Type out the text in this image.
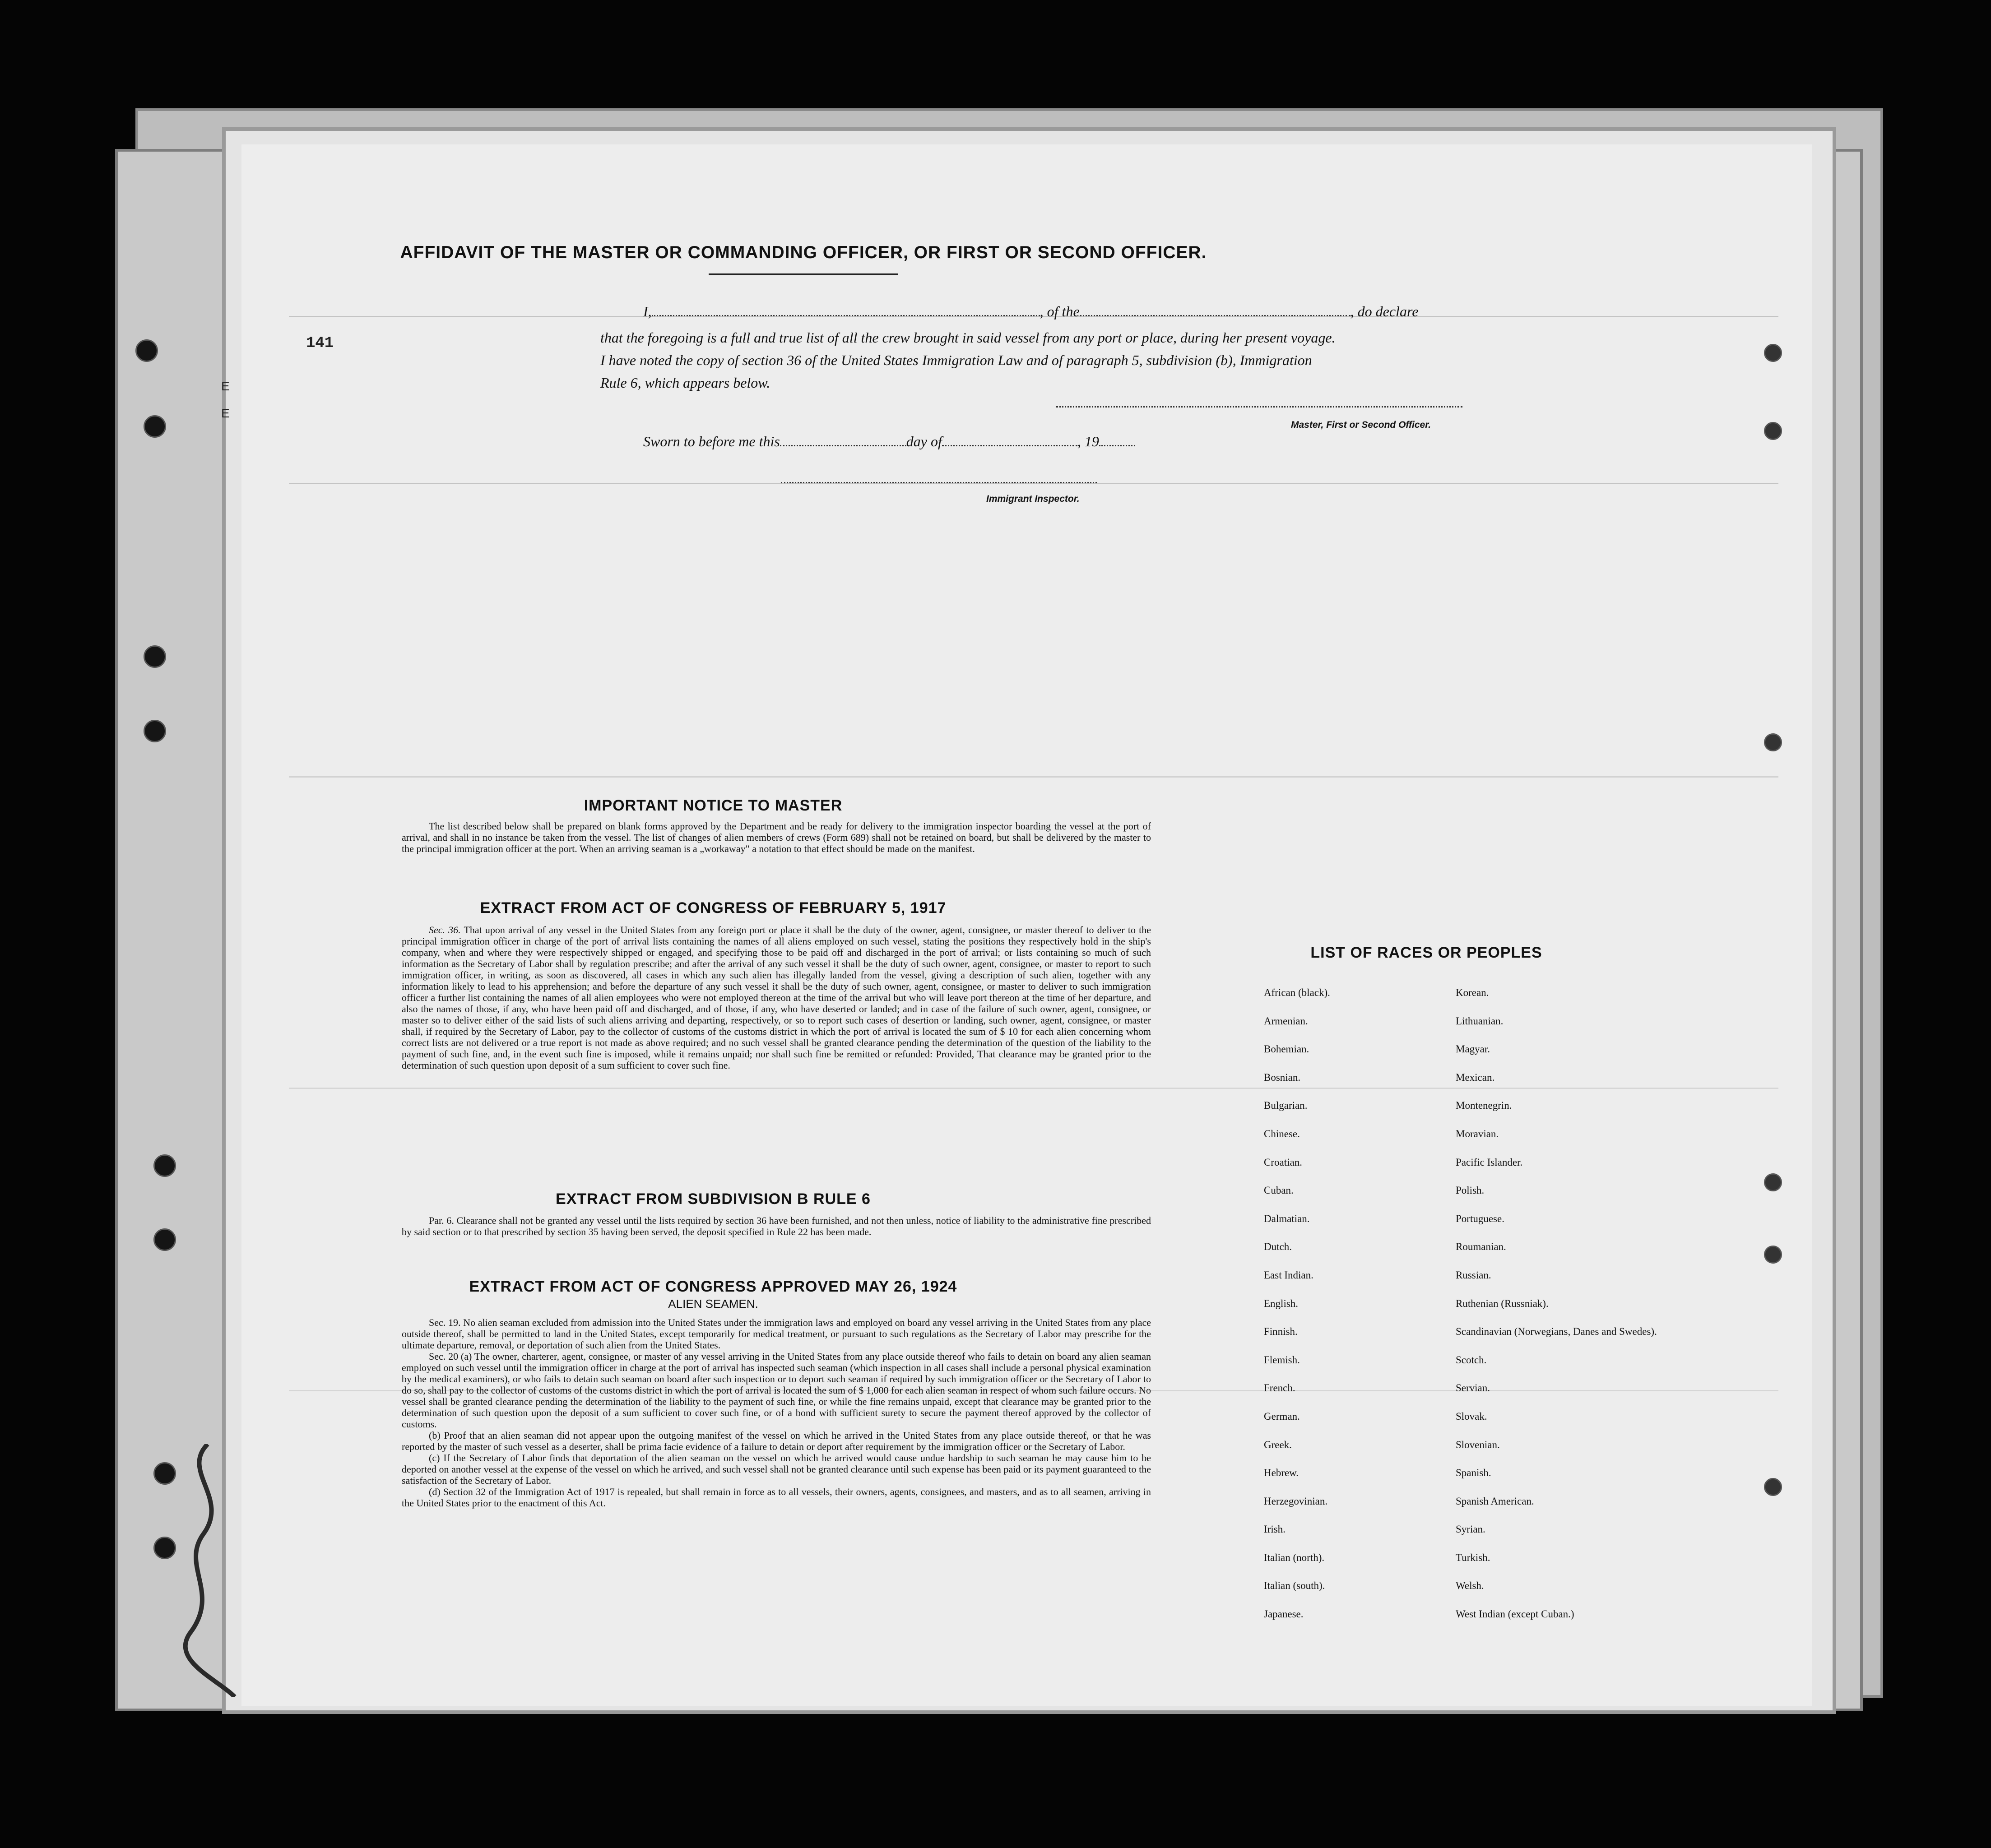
141
E
E
AFFIDAVIT OF THE MASTER OR COMMANDING OFFICER, OR FIRST OR SECOND OFFICER.
I,	, of the	, do declare
that the foregoing is a full and true list of all the crew brought in said vessel from any port or place, during her present voyage.
I have noted the copy of section 36 of the United States Immigration Law and of paragraph 5, subdivision (b), Immigration
Rule 6, which appears below.
Master, First or Second Officer.
Sworn to before me this	day of	, 19
Immigrant Inspector.
IMPORTANT NOTICE TO MASTER
The list described below shall be prepared on blank forms approved by the Department and be ready for delivery to the immigration inspector boarding the vessel at the port of arrival, and shall in no instance be taken from the vessel. The list of changes of alien members of crews (Form 689) shall not be retained on board, but shall be delivered by the master to the principal immigration officer at the port. When an arriving seaman is a „workaway" a notation to that effect should be made on the manifest.
EXTRACT FROM ACT OF CONGRESS OF FEBRUARY 5, 1917
Sec. 36. That upon arrival of any vessel in the United States from any foreign port or place it shall be the duty of the owner, agent, consignee, or master thereof to deliver to the principal immigration officer in charge of the port of arrival lists containing the names of all aliens employed on such vessel, stating the positions they respectively hold in the ship's company, when and where they were respectively shipped or engaged, and specifying those to be paid off and discharged in the port of arrival; or lists containing so much of such information as the Secretary of Labor shall by regulation prescribe; and after the arrival of any such vessel it shall be the duty of such owner, agent, consignee, or master to report to such immigration officer, in writing, as soon as discovered, all cases in which any such alien has illegally landed from the vessel, giving a description of such alien, together with any information likely to lead to his apprehension; and before the departure of any such vessel it shall be the duty of such owner, agent, consignee, or master to deliver to such immigration officer a further list containing the names of all alien employees who were not employed thereon at the time of the arrival but who will leave port thereon at the time of her departure, and also the names of those, if any, who have been paid off and discharged, and of those, if any, who have deserted or landed; and in case of the failure of such owner, agent, consignee, or master so to deliver either of the said lists of such aliens arriving and departing, respectively, or so to report such cases of desertion or landing, such owner, agent, consignee, or master shall, if required by the Secretary of Labor, pay to the collector of customs of the customs district in which the port of arrival is located the sum of $ 10 for each alien concerning whom correct lists are not delivered or a true report is not made as above required; and no such vessel shall be granted clearance pending the determination of the question of the liability to the payment of such fine, and, in the event such fine is imposed, while it remains unpaid; nor shall such fine be remitted or refunded: Provided, That clearance may be granted prior to the determination of such question upon deposit of a sum sufficient to cover such fine.
EXTRACT FROM SUBDIVISION B RULE 6
Par. 6. Clearance shall not be granted any vessel until the lists required by section 36 have been furnished, and not then unless, notice of liability to the administrative fine prescribed by said section or to that prescribed by section 35 having been served, the deposit specified in Rule 22 has been made.
EXTRACT FROM ACT OF CONGRESS APPROVED MAY 26, 1924
ALIEN SEAMEN.
Sec. 19. No alien seaman excluded from admission into the United States under the immigration laws and employed on board any vessel arriving in the United States from any place outside thereof, shall be permitted to land in the United States, except temporarily for medical treatment, or pursuant to such regulations as the Secretary of Labor may prescribe for the ultimate departure, removal, or deportation of such alien from the United States.
Sec. 20 (a) The owner, charterer, agent, consignee, or master of any vessel arriving in the United States from any place outside thereof who fails to detain on board any alien seaman employed on such vessel until the immigration officer in charge at the port of arrival has inspected such seaman (which inspection in all cases shall include a personal physical examination by the medical examiners), or who fails to detain such seaman on board after such inspection or to deport such seaman if required by such immigration officer or the Secretary of Labor to do so, shall pay to the collector of customs of the customs district in which the port of arrival is located the sum of $ 1,000 for each alien seaman in respect of whom such failure occurs. No vessel shall be granted clearance pending the determination of the liability to the payment of such fine, or while the fine remains unpaid, except that clearance may be granted prior to the determination of such question upon the deposit of a sum sufficient to cover such fine, or of a bond with sufficient surety to secure the payment thereof approved by the collector of customs.
(b) Proof that an alien seaman did not appear upon the outgoing manifest of the vessel on which he arrived in the United States from any place outside thereof, or that he was reported by the master of such vessel as a deserter, shall be prima facie evidence of a failure to detain or deport after requirement by the immigration officer or the Secretary of Labor.
(c) If the Secretary of Labor finds that deportation of the alien seaman on the vessel on which he arrived would cause undue hardship to such seaman he may cause him to be deported on another vessel at the expense of the vessel on which he arrived, and such vessel shall not be granted clearance until such expense has been paid or its payment guaranteed to the satisfaction of the Secretary of Labor.
(d) Section 32 of the Immigration Act of 1917 is repealed, but shall remain in force as to all vessels, their owners, agents, consignees, and masters, and as to all seamen, arriving in the United States prior to the enactment of this Act.
LIST OF RACES OR PEOPLES
African (black).
Armenian.
Bohemian.
Bosnian.
Bulgarian.
Chinese.
Croatian.
Cuban.
Dalmatian.
Dutch.
East Indian.
English.
Finnish.
Flemish.
French.
German.
Greek.
Hebrew.
Herzegovinian.
Irish.
Italian (north).
Italian (south).
Japanese.
Korean.
Lithuanian.
Magyar.
Mexican.
Montenegrin.
Moravian.
Pacific Islander.
Polish.
Portuguese.
Roumanian.
Russian.
Ruthenian (Russniak).
Scandinavian (Norwegians, Danes and Swedes).
Scotch.
Servian.
Slovak.
Slovenian.
Spanish.
Spanish American.
Syrian.
Turkish.
Welsh.
West Indian (except Cuban.)
